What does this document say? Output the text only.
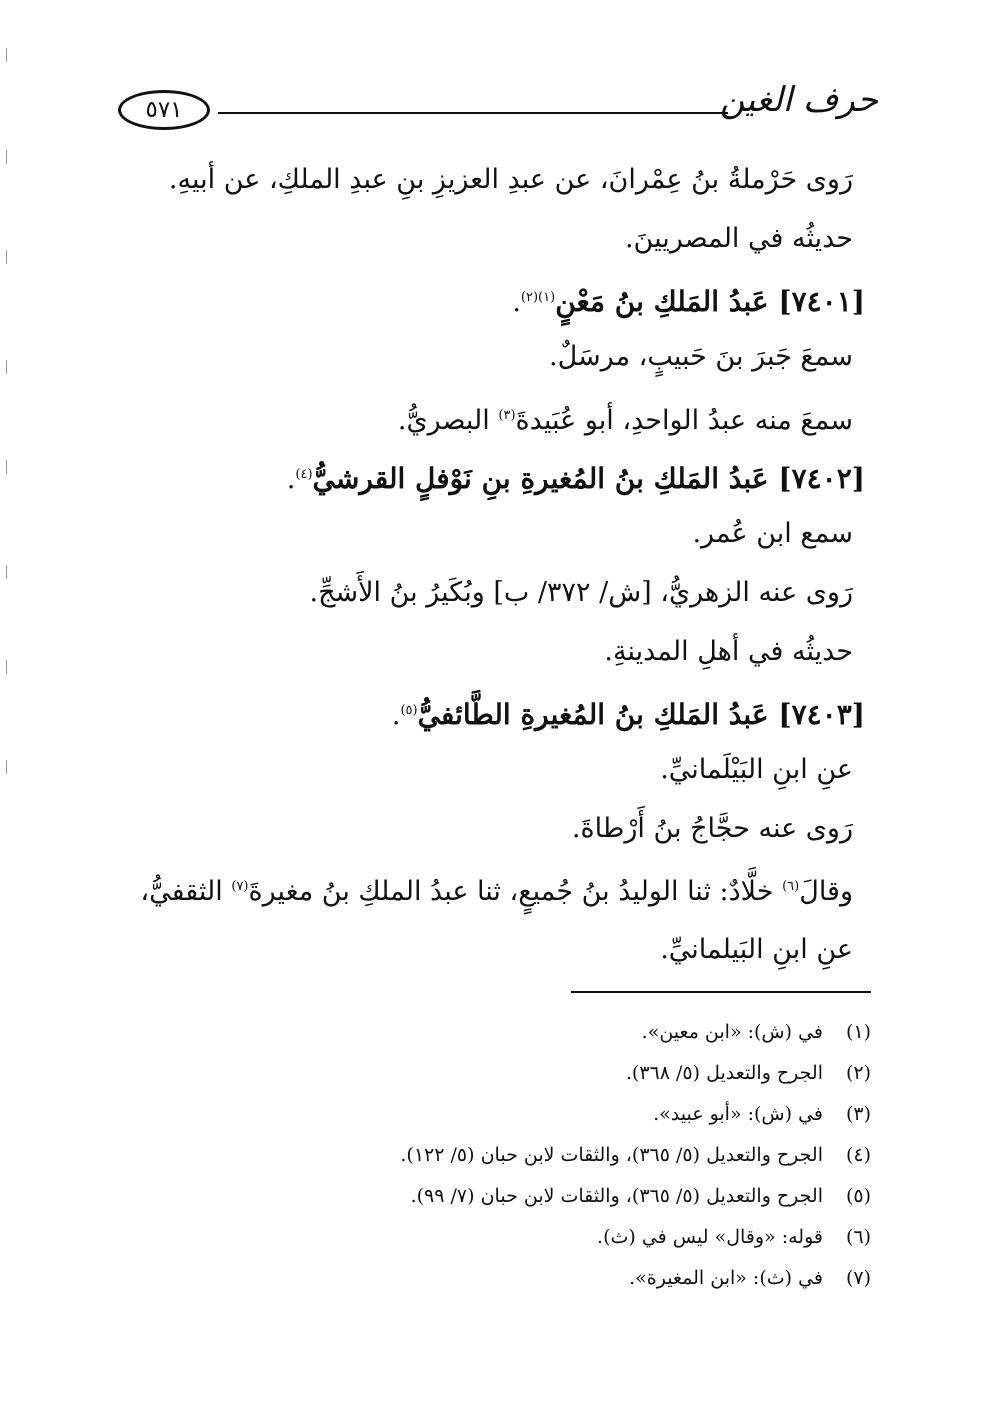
٥٧١	حرف الغين
رَوى حَرْملةُ بنُ عِمْرانَ، عن عبدِ العزيزِ بنِ عبدِ الملكِ، عن أبيهِ.
حديثُه في المصريينَ.
[٧٤٠١] عَبدُ المَلكِ بنُ مَعْنٍ$^{(١)(٢)}$.
سمعَ جَبرَ بنَ حَبيبٍ، مرسَلٌ.
سمعَ منه عبدُ الواحدِ، أبو عُبَيدةَ$^{(٣)}$ البصريُّ.
[٧٤٠٢] عَبدُ المَلكِ بنُ المُغيرةِ بنِ نَوْفلٍ القرشيُّ$^{(٤)}$.
سمع ابن عُمر.
رَوى عنه الزهريُّ، [ش/ ٣٧٢/ ب] وبُكَيرُ بنُ الأَشجِّ.
حديثُه في أهلِ المدينةِ.
[٧٤٠٣] عَبدُ المَلكِ بنُ المُغيرةِ الطَّائفيُّ$^{(٥)}$.
عنِ ابنِ البَيْلَمانيِّ.
رَوى عنه حجَّاجُ بنُ أَرْطاةَ.
وقالَ$^{(٦)}$ خلَّادٌ: ثنا الوليدُ بنُ جُميعٍ، ثنا عبدُ الملكِ بنُ مغيرةَ$^{(٧)}$ الثقفيُّ، عنِ ابنِ البَيلمانيِّ.
(١)في (ش): «ابن معين».
(٢)الجرح والتعديل (٥/ ٣٦٨).
(٣)في (ش): «أبو عبيد».
(٤)الجرح والتعديل (٥/ ٣٦٥)، والثقات لابن حبان (٥/ ١٢٢).
(٥)الجرح والتعديل (٥/ ٣٦٥)، والثقات لابن حبان (٧/ ٩٩).
(٦)قوله: «وقال» ليس في (ث).
(٧)في (ث): «ابن المغيرة».
